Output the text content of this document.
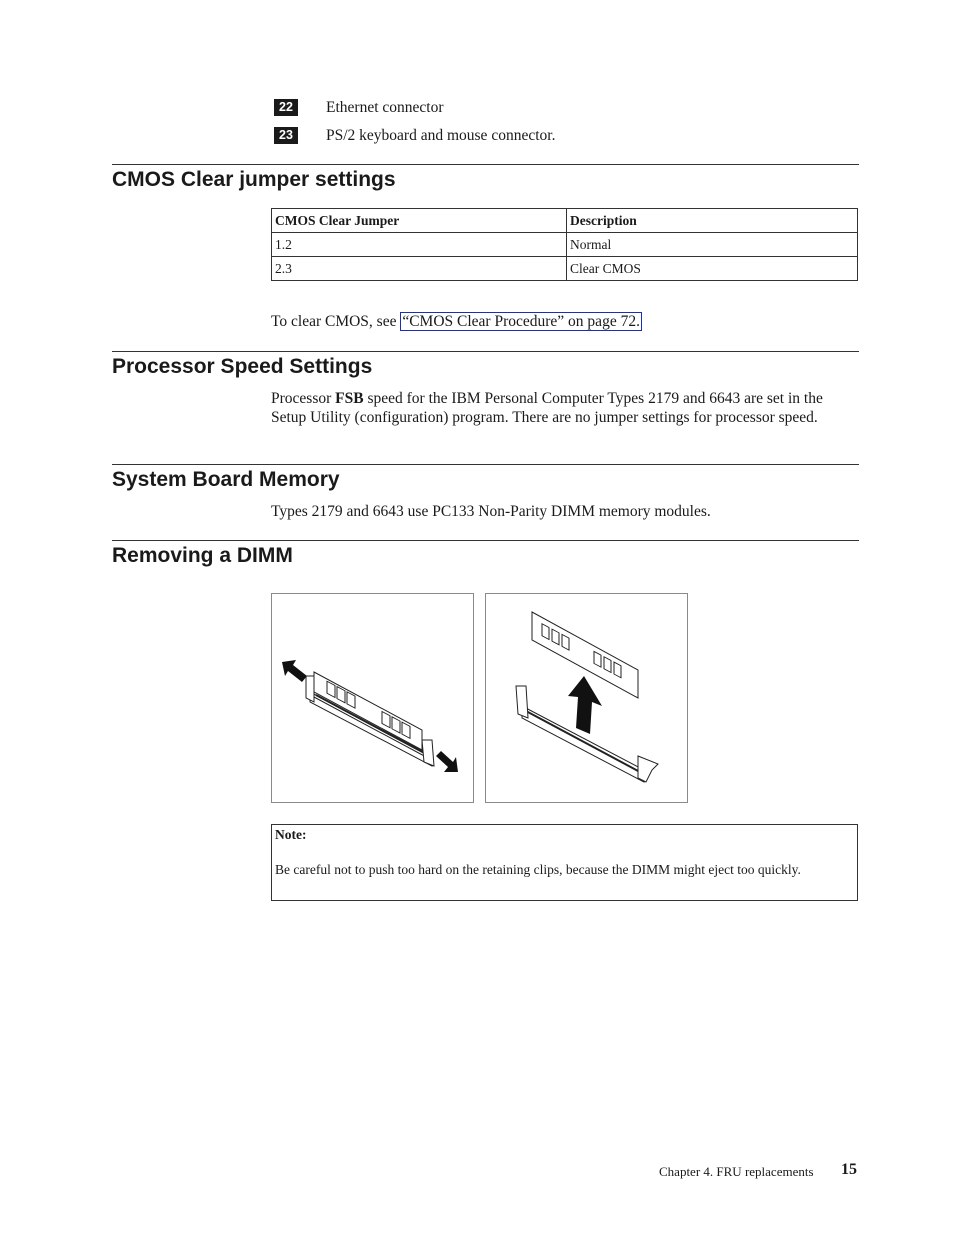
22	Ethernet connector
23	PS/2 keyboard and mouse connector.
CMOS Clear jumper settings
CMOS Clear Jumper	Description
1.2	Normal
2.3	Clear CMOS
To clear CMOS, see “CMOS Clear Procedure” on page 72.
Processor Speed Settings
Processor FSB speed for the IBM Personal Computer Types 2179 and 6643 are set in the Setup Utility (configuration) program. There are no jumper settings for processor speed.
System Board Memory
Types 2179 and 6643 use PC133 Non-Parity DIMM memory modules.
Removing a DIMM
Note:
Be careful not to push too hard on the retaining clips, because the DIMM might eject too quickly.
Chapter 4. FRU replacements 15
